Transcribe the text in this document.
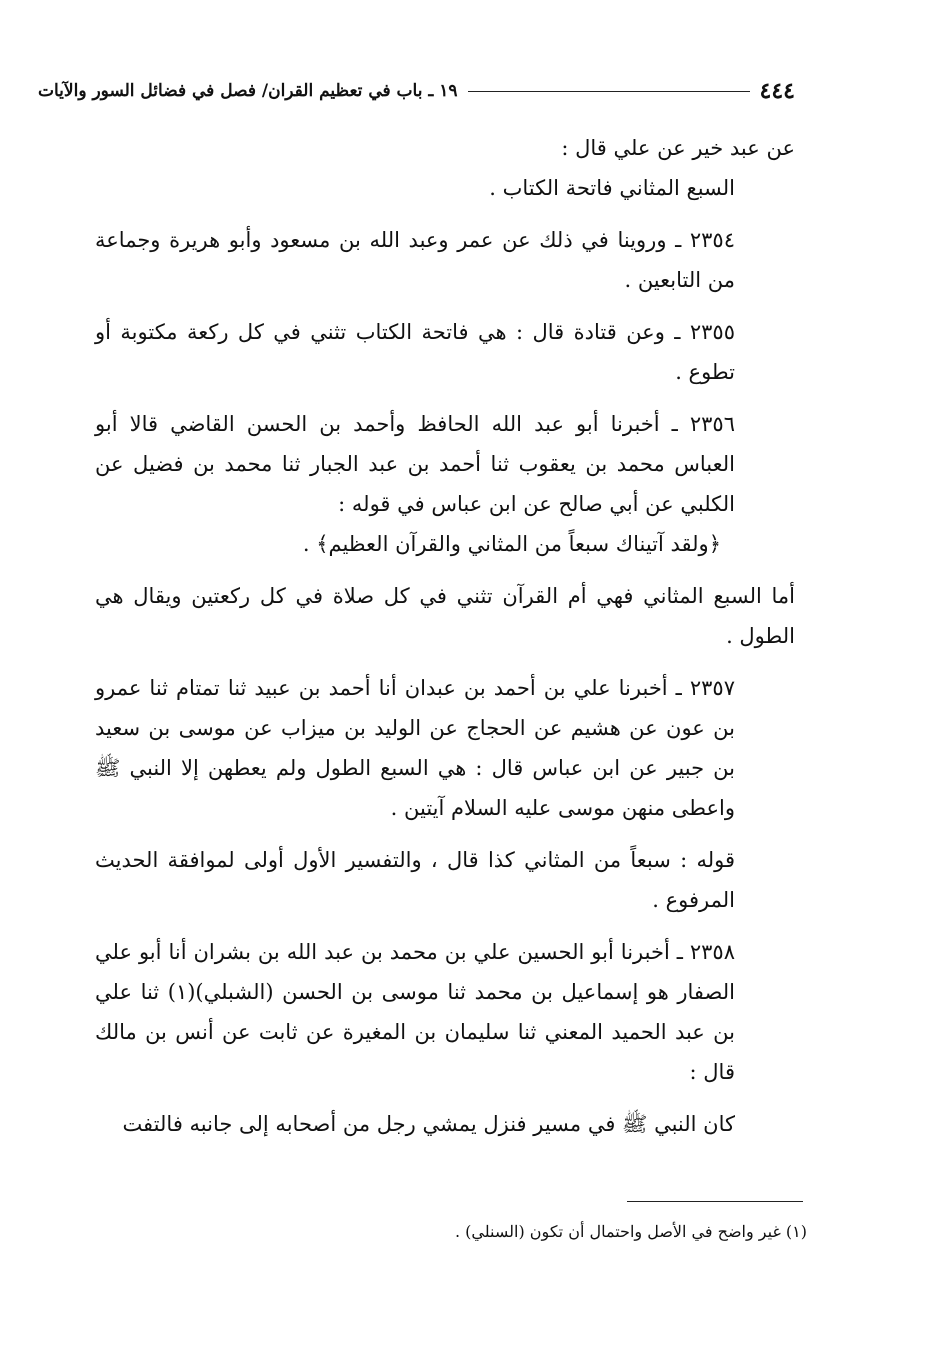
٤٤٤
١٩ ـ باب في تعظيم القران/ فصل في فضائل السور والآيات

عن عبد خير عن علي قال :

السبع المثاني فاتحة الكتاب .

٢٣٥٤ ـ وروينا في ذلك عن عمر وعبد الله بن مسعود وأبو هريرة وجماعة من التابعين .

٢٣٥٥ ـ وعن قتادة قال : هي فاتحة الكتاب تثني في كل ركعة مكتوبة أو تطوع .

٢٣٥٦ ـ أخبرنا أبو عبد الله الحافظ وأحمد بن الحسن القاضي قالا أبو العباس محمد بن يعقوب ثنا أحمد بن عبد الجبار ثنا محمد بن فضيل عن الكلبي عن أبي صالح عن ابن عباس في قوله :

﴿ولقد آتيناك سبعاً من المثاني والقرآن العظيم﴾ .

أما السبع المثاني فهي أم القرآن تثني في كل صلاة في كل ركعتين ويقال هي الطول .

٢٣٥٧ ـ أخبرنا علي بن أحمد بن عبدان أنا أحمد بن عبيد ثنا تمتام ثنا عمرو بن عون عن هشيم عن الحجاج عن الوليد بن ميزاب عن موسى بن سعيد بن جبير عن ابن عباس قال : هي السبع الطول ولم يعطهن إلا النبي ﷺ واعطى منهن موسى عليه السلام آيتين .

قوله : سبعاً من المثاني كذا قال ، والتفسير الأول أولى لموافقة الحديث المرفوع .

٢٣٥٨ ـ أخبرنا أبو الحسين علي بن محمد بن عبد الله بن بشران أنا أبو علي الصفار هو إسماعيل بن محمد ثنا موسى بن الحسن (الشبلي)(١) ثنا علي بن عبد الحميد المعني ثنا سليمان بن المغيرة عن ثابت عن أنس بن مالك قال :

كان النبي ﷺ في مسير فنزل يمشي رجل من أصحابه إلى جانبه فالتفت

(١) غير واضح في الأصل واحتمال أن تكون (السنلي) .
